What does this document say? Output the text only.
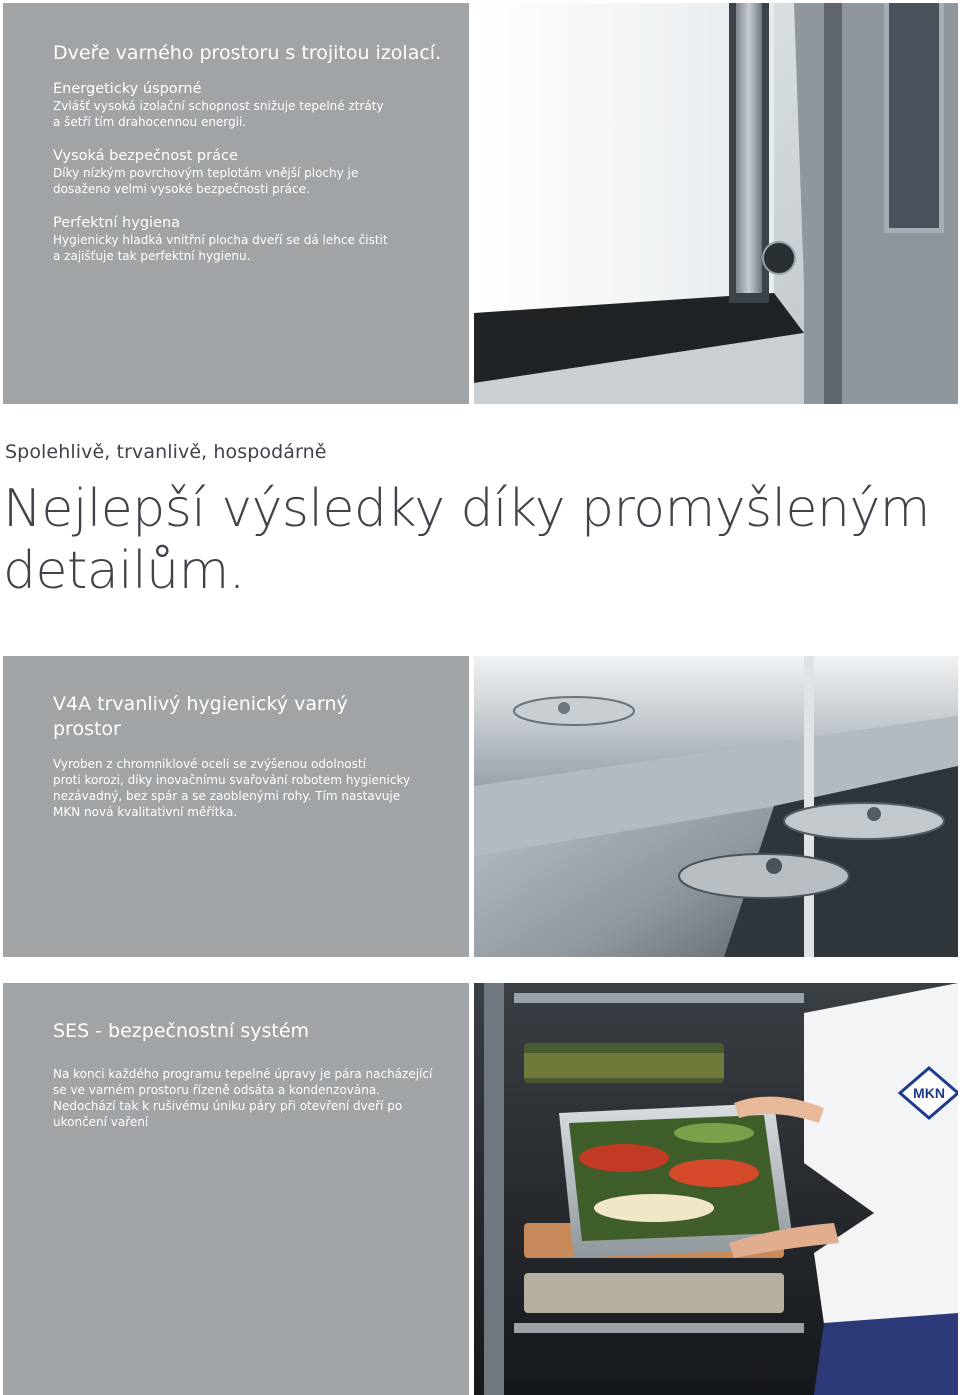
Dveře varného prostoru s trojitou izolací.

Energeticky úsporné

Zvlášť vysoká izolační schopnost snižuje tepelné ztráty

a šetří tím drahocennou energii.

Vysoká bezpečnost práce

Díky nízkým povrchovým teplotám vnější plochy je

dosaženo velmi vysoké bezpečnosti práce.

Perfektní hygiena

Hygienicky hladká vnitřní plocha dveří se dá lehce čistit

a zajišťuje tak perfektní hygienu.

Spolehlivě, trvanlivě, hospodárně
Nejlepší výsledky díky promyšleným
detailům.
V4A trvanlivý hygienický varný
prostor

Vyroben z chromniklové oceli se zvýšenou odolností

proti korozi, díky inovačnímu svařování robotem hygienicky

nezávadný, bez spár a se zaoblenými rohy. Tím nastavuje

MKN nová kvalitativní měřítka.

SES - bezpečnostní systém

Na konci každého programu tepelné úpravy je pára nacházející

se ve varném prostoru řízeně odsáta a kondenzována.

Nedochází tak k rušivému úniku páry při otevření dveří po

ukončení vaření

MKN
